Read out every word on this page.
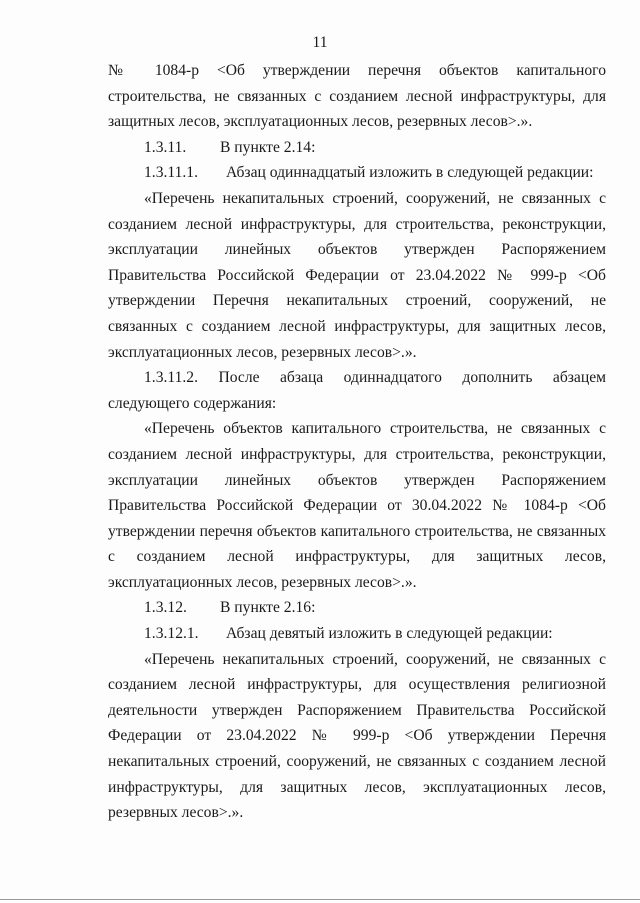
11

№ 1084-р <Об утверждении перечня объектов капитального строительства, не связанных с созданием лесной инфраструктуры, для защитных лесов, эксплуатационных лесов, резервных лесов>.».

1.3.11. В пункте 2.14:
1.3.11.1. Абзац одиннадцатый изложить в следующей редакции:

«Перечень некапитальных строений, сооружений, не связанных с созданием лесной инфраструктуры, для строительства, реконструкции, эксплуатации линейных объектов утвержден Распоряжением Правительства Российской Федерации от 23.04.2022 № 999-р <Об утверждении Перечня некапитальных строений, сооружений, не связанных с созданием лесной инфраструктуры, для защитных лесов, эксплуатационных лесов, резервных лесов>.».

1.3.11.2. После абзаца одиннадцатого дополнить абзацем следующего содержания:

«Перечень объектов капитального строительства, не связанных с созданием лесной инфраструктуры, для строительства, реконструкции, эксплуатации линейных объектов утвержден Распоряжением Правительства Российской Федерации от 30.04.2022 № 1084-р <Об утверждении перечня объектов капитального строительства, не связанных с созданием лесной инфраструктуры, для защитных лесов, эксплуатационных лесов, резервных лесов>.».

1.3.12. В пункте 2.16:
1.3.12.1. Абзац девятый изложить в следующей редакции:

«Перечень некапитальных строений, сооружений, не связанных с созданием лесной инфраструктуры, для осуществления религиозной деятельности утвержден Распоряжением Правительства Российской Федерации от 23.04.2022 № 999-р <Об утверждении Перечня некапитальных строений, сооружений, не связанных с созданием лесной инфраструктуры, для защитных лесов, эксплуатационных лесов, резервных лесов>.».
